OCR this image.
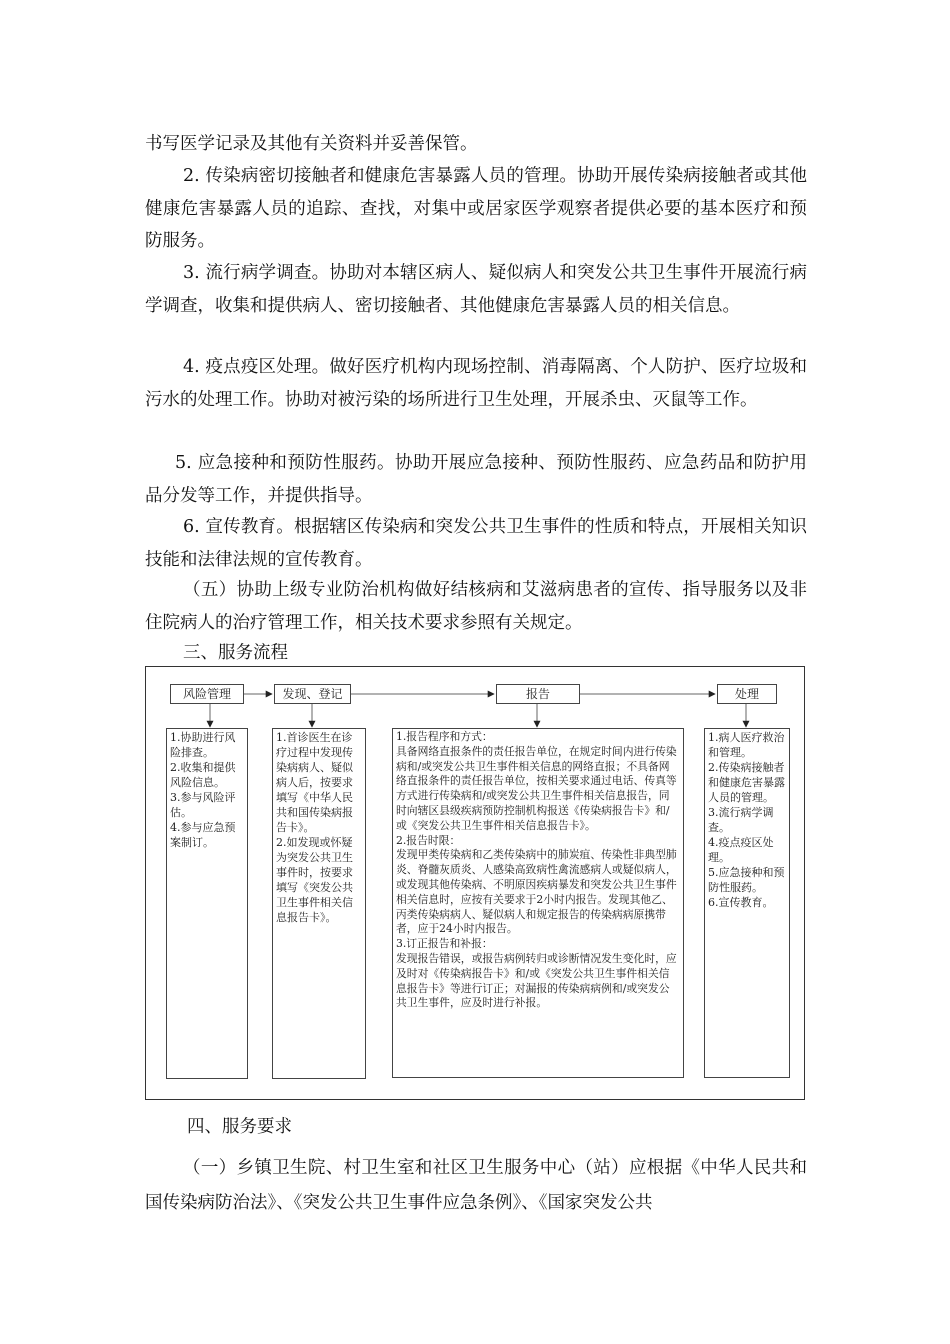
书写医学记录及其他有关资料并妥善保管。

2. 传染病密切接触者和健康危害暴露人员的管理。协助开展传染病接触者或其他健康危害暴露人员的追踪、查找，对集中或居家医学观察者提供必要的基本医疗和预防服务。

3. 流行病学调查。协助对本辖区病人、疑似病人和突发公共卫生事件开展流行病学调查，收集和提供病人、密切接触者、其他健康危害暴露人员的相关信息。

4. 疫点疫区处理。做好医疗机构内现场控制、消毒隔离、个人防护、医疗垃圾和污水的处理工作。协助对被污染的场所进行卫生处理，开展杀虫、灭鼠等工作。

5. 应急接种和预防性服药。协助开展应急接种、预防性服药、应急药品和防护用品分发等工作，并提供指导。

6. 宣传教育。根据辖区传染病和突发公共卫生事件的性质和特点，开展相关知识技能和法律法规的宣传教育。

（五）协助上级专业防治机构做好结核病和艾滋病患者的宣传、指导服务以及非住院病人的治疗管理工作，相关技术要求参照有关规定。

三、服务流程
风险管理	发现、登记	报告	处理
1.协助进行风险排查。
2.收集和提供风险信息。
3.参与风险评估。
4.参与应急预案制订。
1.首诊医生在诊疗过程中发现传染病病人、疑似病人后，按要求填写《中华人民共和国传染病报告卡》。
2.如发现或怀疑为突发公共卫生事件时，按要求填写《突发公共卫生事件相关信息报告卡》。
1.报告程序和方式：
具备网络直报条件的责任报告单位，在规定时间内进行传染病和/或突发公共卫生事件相关信息的网络直报；不具备网络直报条件的责任报告单位，按相关要求通过电话、传真等方式进行传染病和/或突发公共卫生事件相关信息报告，同时向辖区县级疾病预防控制机构报送《传染病报告卡》和/或《突发公共卫生事件相关信息报告卡》。
2.报告时限：
发现甲类传染病和乙类传染病中的肺炭疽、传染性非典型肺炎、脊髓灰质炎、人感染高致病性禽流感病人或疑似病人，或发现其他传染病、不明原因疾病暴发和突发公共卫生事件相关信息时，应按有关要求于2小时内报告。发现其他乙、丙类传染病病人、疑似病人和规定报告的传染病病原携带者，应于24小时内报告。
3.订正报告和补报：
发现报告错误，或报告病例转归或诊断情况发生变化时，应及时对《传染病报告卡》和/或《突发公共卫生事件相关信息报告卡》等进行订正；对漏报的传染病病例和/或突发公共卫生事件，应及时进行补报。
1.病人医疗救治和管理。
2.传染病接触者和健康危害暴露人员的管理。
3.流行病学调查。
4.疫点疫区处理。
5.应急接种和预防性服药。
6.宣传教育。
四、服务要求

（一）乡镇卫生院、村卫生室和社区卫生服务中心（站）应根据《中华人民共和国传染病防治法》、《突发公共卫生事件应急条例》、《国家突发公共
